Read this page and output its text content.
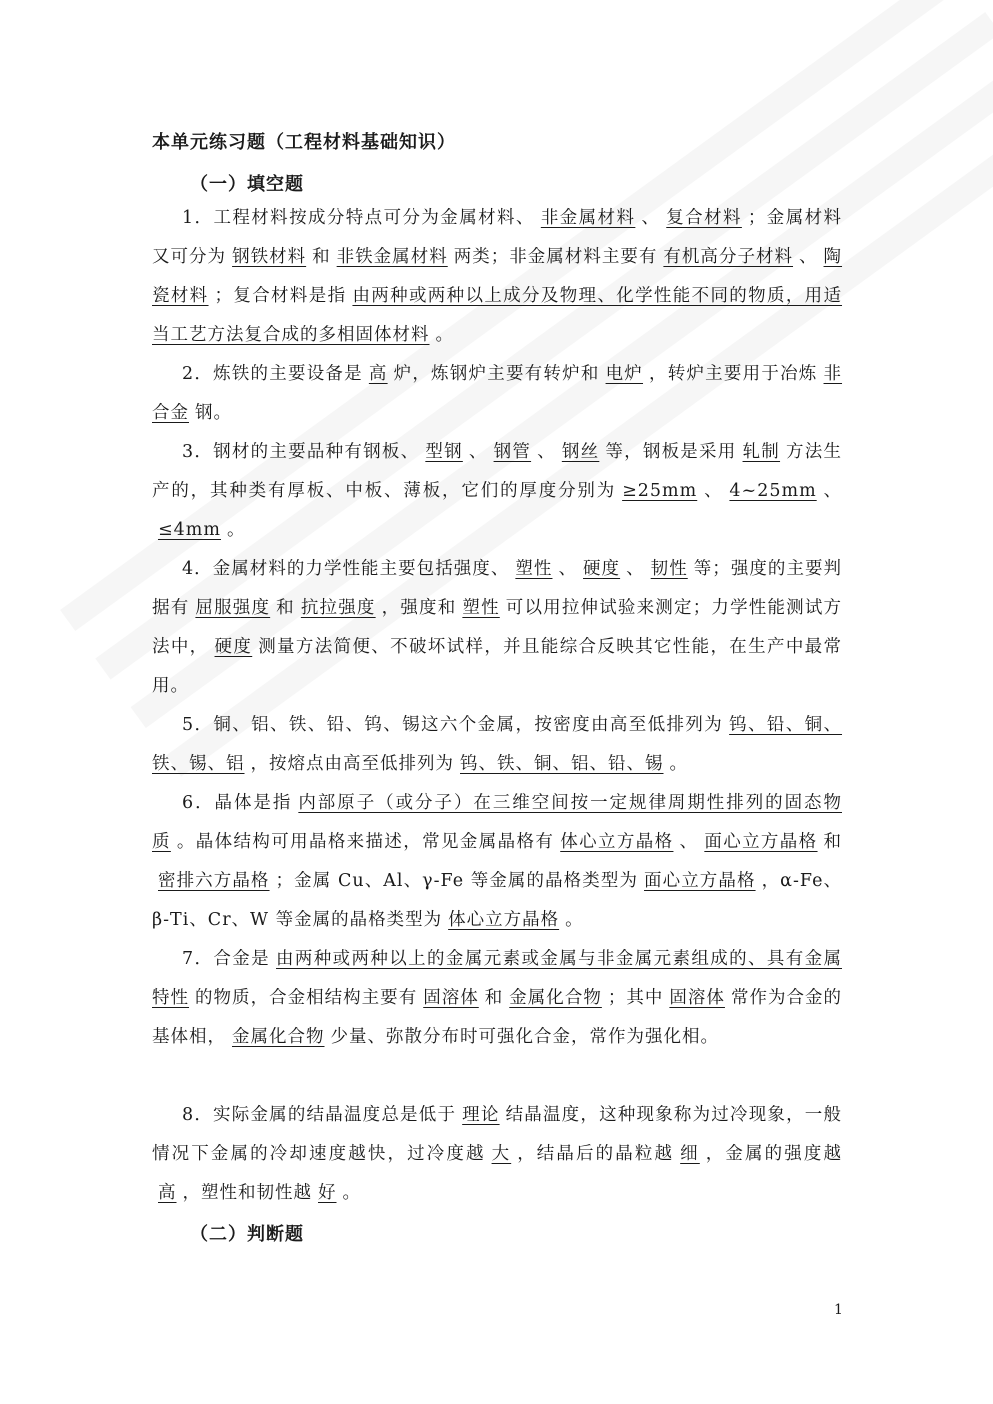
本单元练习题（工程材料基础知识）
（一）填空题
1．工程材料按成分特点可分为金属材料、 非金属材料 、 复合材料 ；金属材料又可分为 钢铁材料 和 非铁金属材料 两类；非金属材料主要有 有机高分子材料 、 陶瓷材料 ；复合材料是指 由两种或两种以上成分及物理、化学性能不同的物质，用适当工艺方法复合成的多相固体材料 。
2．炼铁的主要设备是 高 炉，炼钢炉主要有转炉和 电炉 ，转炉主要用于冶炼 非合金 钢。
3．钢材的主要品种有钢板、 型钢 、 钢管 、 钢丝 等，钢板是采用 轧制 方法生产的，其种类有厚板、中板、薄板，它们的厚度分别为 ≥25mm 、 4~25mm 、≤4mm 。
4．金属材料的力学性能主要包括强度、 塑性 、 硬度 、 韧性 等；强度的主要判据有 屈服强度 和 抗拉强度 ，强度和 塑性 可以用拉伸试验来测定；力学性能测试方法中， 硬度 测量方法简便、不破坏试样，并且能综合反映其它性能，在生产中最常用。
5．铜、铝、铁、铅、钨、锡这六个金属，按密度由高至低排列为 钨、铅、铜、铁、锡、铝 ，按熔点由高至低排列为 钨、铁、铜、铝、铅、锡 。
6．晶体是指 内部原子（或分子）在三维空间按一定规律周期性排列的固态物质 。晶体结构可用晶格来描述，常见金属晶格有 体心立方晶格 、 面心立方晶格 和密排六方晶格 ；金属 Cu、Al、γ-Fe 等金属的晶格类型为 面心立方晶格 ，α-Fe、β-Ti、Cr、W 等金属的晶格类型为 体心立方晶格 。
7．合金是 由两种或两种以上的金属元素或金属与非金属元素组成的、具有金属特性 的物质，合金相结构主要有 固溶体 和 金属化合物 ；其中 固溶体 常作为合金的基体相， 金属化合物 少量、弥散分布时可强化合金，常作为强化相。
8．实际金属的结晶温度总是低于 理论 结晶温度，这种现象称为过冷现象，一般情况下金属的冷却速度越快，过冷度越 大 ，结晶后的晶粒越 细 ，金属的强度越高 ，塑性和韧性越 好 。
（二）判断题
1
